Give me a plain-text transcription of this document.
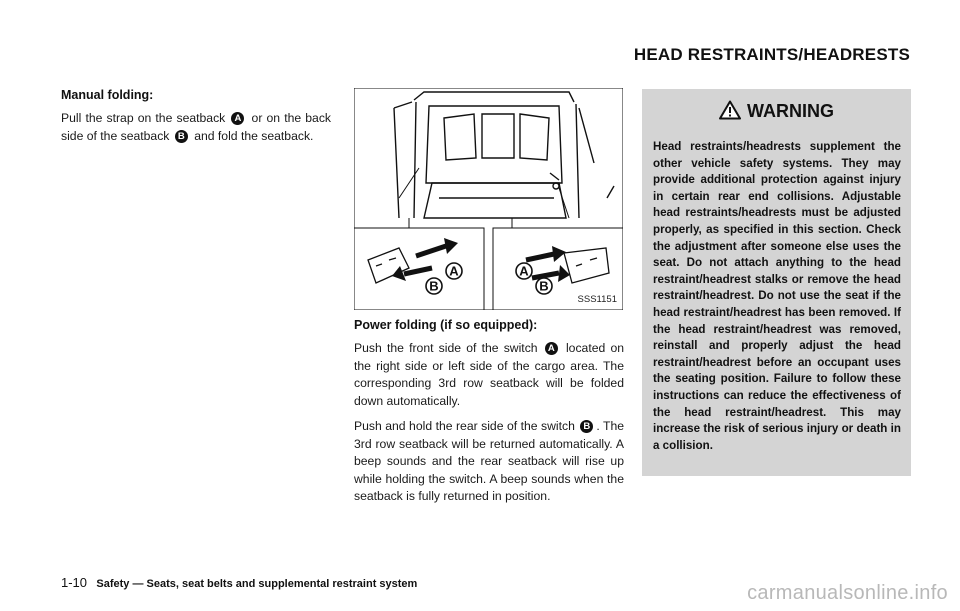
HEAD RESTRAINTS/HEADRESTS
Manual folding:

Pull the strap on the seatback A or on the back side of the seatback B and fold the seatback.

B
A	A
B
SSS1151
Power folding (if so equipped):

Push the front side of the switch A located on the right side or left side of the cargo area. The corresponding 3rd row seatback will be folded down automatically.

Push and hold the rear side of the switch B . The 3rd row seatback will be returned automatically. A beep sounds and the rear seatback will rise up while holding the switch. A beep sounds when the seatback is fully returned in position.

WARNING
Head restraints/headrests supplement the other vehicle safety systems. They may provide additional protection against injury in certain rear end collisions. Adjustable head restraints/headrests must be adjusted properly, as specified in this section. Check the adjustment after someone else uses the seat. Do not attach anything to the head restraint/headrest stalks or remove the head restraint/headrest. Do not use the seat if the head restraint/headrest has been removed. If the head restraint/headrest was removed, reinstall and properly adjust the head restraint/headrest before an occupant uses the seating position. Failure to follow these instructions can reduce the effectiveness of the head restraint/headrest. This may increase the risk of serious injury or death in a collision.
1-10 Safety — Seats, seat belts and supplemental restraint system	carmanualsonline.info
